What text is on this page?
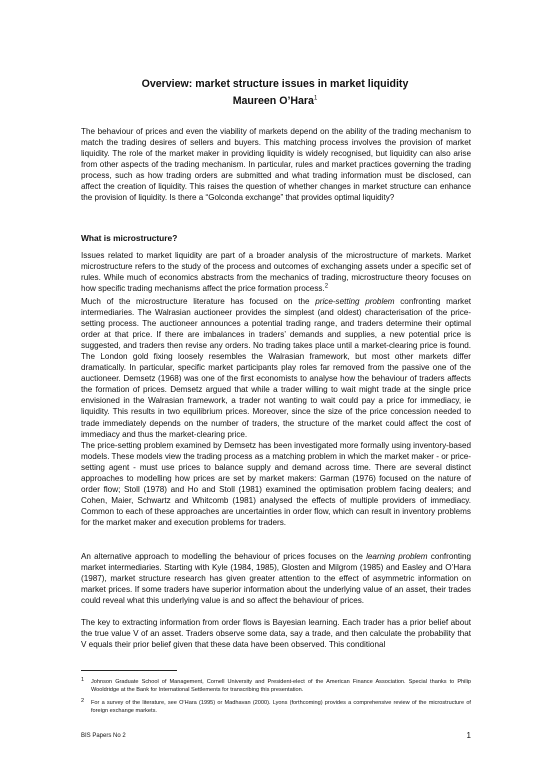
Overview: market structure issues in market liquidity
Maureen O’Hara$^1$

The behaviour of prices and even the viability of markets depend on the ability of the trading mechanism to match the trading desires of sellers and buyers. This matching process involves the provision of market liquidity. The role of the market maker in providing liquidity is widely recognised, but liquidity can also arise from other aspects of the trading mechanism. In particular, rules and market practices governing the trading process, such as how trading orders are submitted and what trading information must be disclosed, can affect the creation of liquidity. This raises the question of whether changes in market structure can enhance the provision of liquidity. Is there a “Golconda exchange” that provides optimal liquidity?

What is microstructure?

Issues related to market liquidity are part of a broader analysis of the microstructure of markets. Market microstructure refers to the study of the process and outcomes of exchanging assets under a specific set of rules. While much of economics abstracts from the mechanics of trading, microstructure theory focuses on how specific trading mechanisms affect the price formation process.$^2$

Much of the microstructure literature has focused on the price-setting problem confronting market intermediaries. The Walrasian auctioneer provides the simplest (and oldest) characterisation of the price-setting process. The auctioneer announces a potential trading range, and traders determine their optimal order at that price. If there are imbalances in traders’ demands and supplies, a new potential price is suggested, and traders then revise any orders. No trading takes place until a market-clearing price is found. The London gold fixing loosely resembles the Walrasian framework, but most other markets differ dramatically. In particular, specific market participants play roles far removed from the passive one of the auctioneer. Demsetz (1968) was one of the first economists to analyse how the behaviour of traders affects the formation of prices. Demsetz argued that while a trader willing to wait might trade at the single price envisioned in the Walrasian framework, a trader not wanting to wait could pay a price for immediacy, ie liquidity. This results in two equilibrium prices. Moreover, since the size of the price concession needed to trade immediately depends on the number of traders, the structure of the market could affect the cost of immediacy and thus the market-clearing price.

The price-setting problem examined by Demsetz has been investigated more formally using inventory-based models. These models view the trading process as a matching problem in which the market maker - or price-setting agent - must use prices to balance supply and demand across time. There are several distinct approaches to modelling how prices are set by market makers: Garman (1976) focused on the nature of order flow; Stoll (1978) and Ho and Stoll (1981) examined the optimisation problem facing dealers; and Cohen, Maier, Schwartz and Whitcomb (1981) analysed the effects of multiple providers of immediacy. Common to each of these approaches are uncertainties in order flow, which can result in inventory problems for the market maker and execution problems for traders.

An alternative approach to modelling the behaviour of prices focuses on the learning problem confronting market intermediaries. Starting with Kyle (1984, 1985), Glosten and Milgrom (1985) and Easley and O’Hara (1987), market structure research has given greater attention to the effect of asymmetric information on market prices. If some traders have superior information about the underlying value of an asset, their trades could reveal what this underlying value is and so affect the behaviour of prices.

The key to extracting information from order flows is Bayesian learning. Each trader has a prior belief about the true value V of an asset. Traders observe some data, say a trade, and then calculate the probability that V equals their prior belief given that these data have been observed. This conditional

1	Johnson Graduate School of Management, Cornell University and President-elect of the American Finance Association. Special thanks to Philip Wooldridge at the Bank for International Settlements for transcribing this presentation.

2	For a survey of the literature, see O’Hara (1995) or Madhavan (2000). Lyons (forthcoming) provides a comprehensive review of the microstructure of foreign exchange markets.

BIS Papers No 2	1
